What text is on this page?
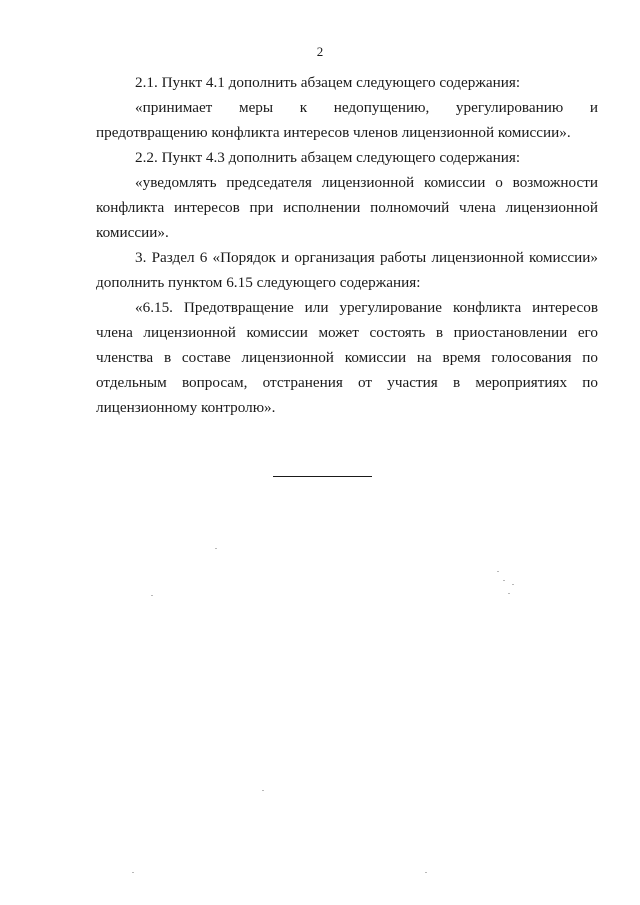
2

2.1. Пункт 4.1 дополнить абзацем следующего содержания:

«принимает меры к недопущению, урегулированию и предотвращению конфликта интересов членов лицензионной комиссии».

2.2. Пункт 4.3 дополнить абзацем следующего содержания:

«уведомлять председателя лицензионной комиссии о возможности конфликта интересов при исполнении полномочий члена лицензионной комиссии».

3. Раздел 6 «Порядок и организация работы лицензионной комиссии» дополнить пунктом 6.15 следующего содержания:

«6.15. Предотвращение или урегулирование конфликта интересов члена лицензионной комиссии может состоять в приостановлении его членства в составе лицензионной комиссии на время голосования по отдельным вопросам, отстранения от участия в мероприятиях по лицензионному контролю».
